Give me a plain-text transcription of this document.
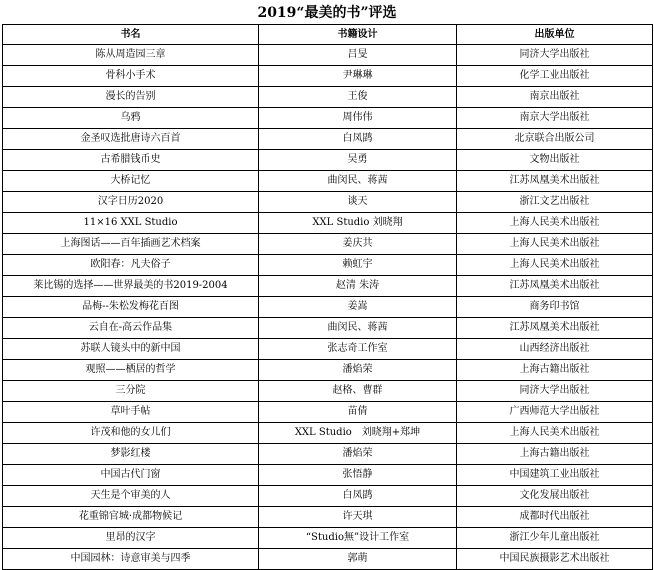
2019“最美的书”评选
书名	书籍设计	出版单位
陈从周造园三章	吕旻	同济大学出版社
骨科小手术	尹琳琳	化学工业出版社
漫长的告别	王俊	南京出版社
乌鸦	周伟伟	南京大学出版社
金圣叹选批唐诗六百首	白凤鹍	北京联合出版公司
古希腊钱币史	吴勇	文物出版社
大桥记忆	曲闵民、蒋茜	江苏凤凰美术出版社
汉字日历2020	谈天	浙江文艺出版社
11×16 XXL Studio	XXL Studio 刘晓翔	上海人民美术出版社
上海图话——百年插画艺术档案	姜庆共	上海人民美术出版社
欧阳春：凡夫俗子	赖虹宇	上海人民美术出版社
莱比锡的选择——世界最美的书2019-2004	赵清 朱涛	江苏凤凰美术出版社
品梅--朱松发梅花百图	姜嵩	商务印书馆
云自在-高云作品集	曲闵民、蒋茜	江苏凤凰美术出版社
苏联人镜头中的新中国	张志奇工作室	山西经济出版社
观照——栖居的哲学	潘焰荣	上海古籍出版社
三分院	赵格、曹群	同济大学出版社
草叶手帖	苗倩	广西师范大学出版社
许茂和他的女儿们	XXL Studio　刘晓翔+郑坤	上海人民美术出版社
梦影红楼	潘焰荣	上海古籍出版社
中国古代门窗	张悟静	中国建筑工业出版社
天生是个审美的人	白凤鹍	文化发展出版社
花重锦官城·成都物候记	许天琪	成都时代出版社
里昂的汉字	“Studio無”设计工作室	浙江少年儿童出版社
中国园林：诗意审美与四季	郭萌	中国民族摄影艺术出版社
